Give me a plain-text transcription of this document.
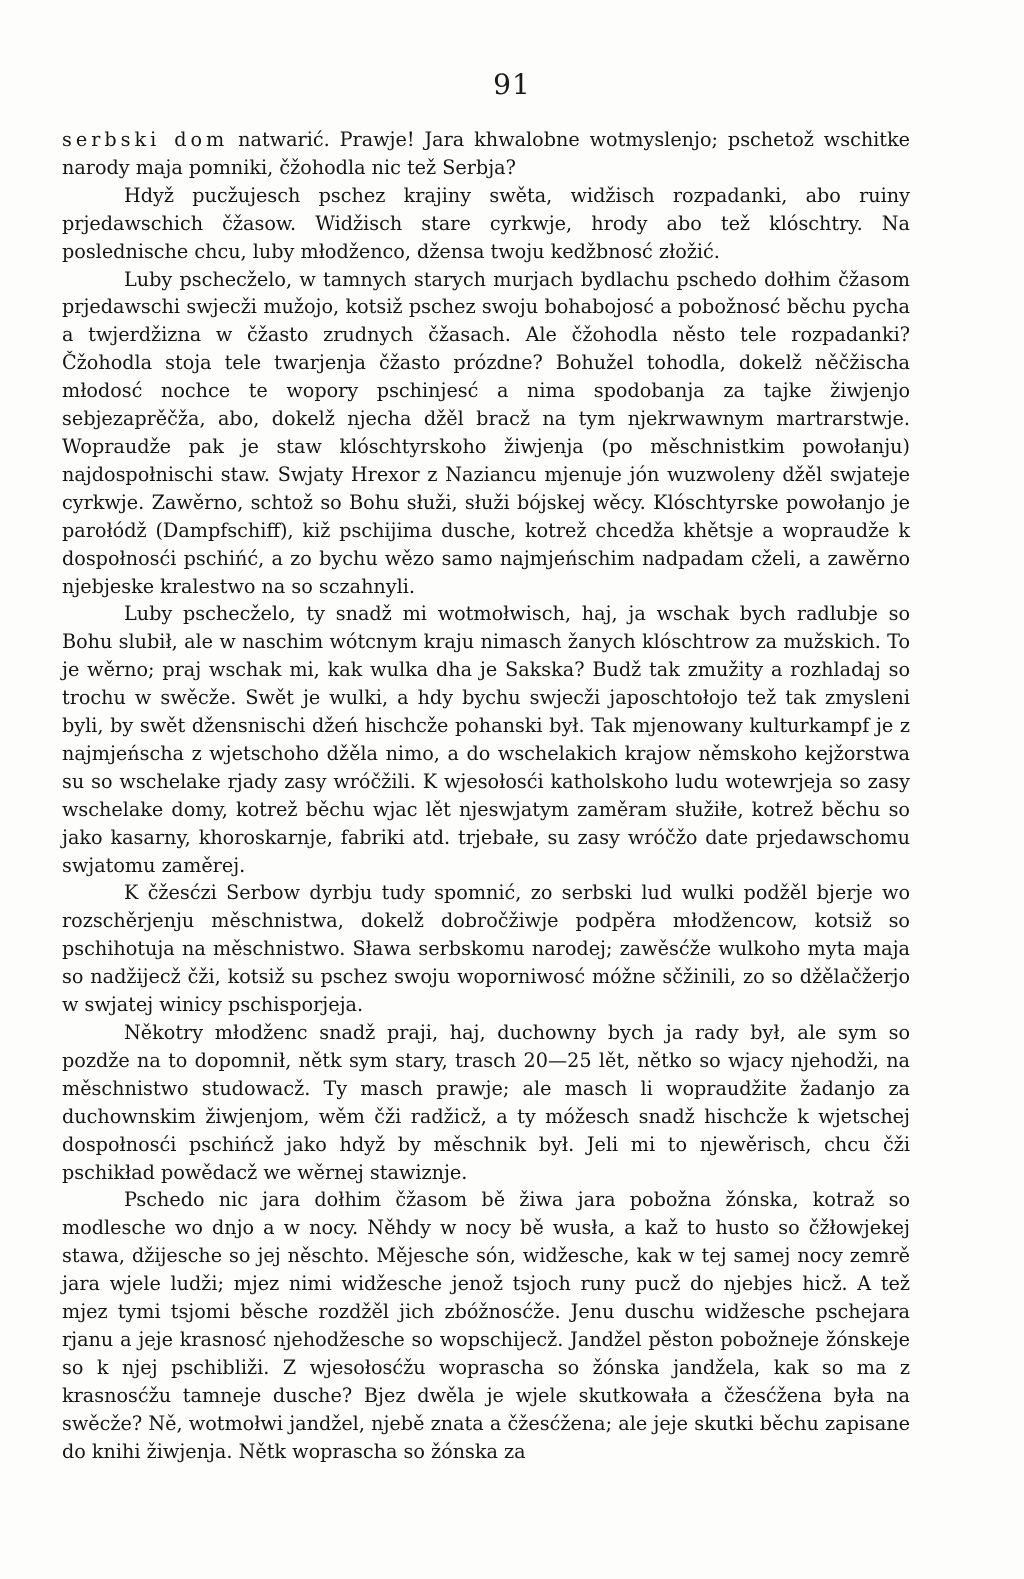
91

serbski dom natwarić. Prawje! Jara khwalobne wotmyslenjo; pschetož wschitke narody maja pomniki, čžohodla nic tež Serbja?

Hdyž pucžujesch pschez krajiny swěta, widžisch rozpadanki, abo ruiny prjedawschich čžasow. Widžisch stare cyrkwje, hrody abo tež klóschtry. Na poslednische chcu, luby młodžencо, džensa twoju kedžbnosć złožić.

Luby pschecželo, w tamnych starych murjach bydlachu pschedo dołhim čžasom prjedawschi swjecži mužojo, kotsiž pschez swoju bohabojosć a pobožnosć běchu pycha a twjerdžizna w čžasto zrudnych čžasach. Ale čžohodla něsto tele rozpadanki? Čžohodla stoja tele twarjenja čžasto prózdne? Bohužel tohodla, dokelž něčžischa młodosć nochce te wopory pschinjesć a nima spodobanja za tajke žiwjenjo sebjezaprěčža, abo, dokelž njecha džěl bracž na tym njekrwawnym martrarstwje. Wopraudže pak je staw klóschtyrskoho žiwjenja (po měschnistkim powołanju) najdospołnischi staw. Swjaty Hreхor z Naziancu mjenuje jón wuzwoleny džěl swjateje cyrkwje. Zawěrno, schtož so Bohu słuži, słuži bójskej wěcy. Klóschtyrske powołanjo je parołódž (Dampfschiff), kiž pschijima dusche, kotrež chcedža khětsje a wopraudže k dospołnosći pschińć, a zo bychu wězo samo najmjeńschim nadpadam cželi, a zawěrno njebjeske kralestwo na so sczahnyli.

Luby pschecželo, ty snadž mi wotmołwisch, haj, ja wschak bych radlubje so Bohu slubił, ale w naschim wótcnym kraju nimasch žanych klóschtrow za mužskich. To je wěrno; praj wschak mi, kak wulka dha je Sakska? Budž tak zmužity a rozhladaj so trochu w swěcže. Swět je wulki, a hdy bychu swjecži japoschtołojo tež tak zmysleni byli, by swět džensnischi džeń hischcže pohanski był. Tak mjenowany kulturkampf je z najmjeńscha z wjetschoho džěla nimo, a do wschelakich krajow němskoho kejžorstwa su so wschelake rjady zasy wróčžili. K wjesołosći katholskoho ludu wotewrjeja so zasy wschelake domy, kotrež běchu wjac lět njeswjatym zaměram słužiłe, kotrež běchu so jako kasarny, khoroskarnje, fabriki atd. trjebałe, su zasy wróčžo date prjedawschomu swjatomu zaměrej.

K čžesćzi Serbow dyrbju tudy spomnić, zo serbski lud wulki podžěl bjerje wo rozschěrjenju měschnistwa, dokelž dobročžiwje podpěra młodžencow, kotsiž so pschihotuja na měschnistwo. Sława serbskomu narodej; zawěsćže wulkoho myta maja so nadžijecž čži, kotsiž su pschez swoju wopornіwosć móžne sčžinili, zo so džělačžerjo w swjatej winicy pschisporjeja.

Někotry młodženc snadž praji, haj, duchowny bych ja rady był, ale sym so pozdže na to dopomnił, nětk sym stary, trasch 20—25 lět, nětko so wjacy njehodži, na měschnistwo studowacž. Ty masch prawje; ale masch li wopraudžite žadanjo za duchownskim žiwjenjom, wěm čži radžicž, a ty móžesch snadž hischcže k wjetschej dospołnosći pschińcž jako hdyž by měschnik był. Jeli mi to njewěrisch, chcu čži pschikład powědacž we wěrnej stawiznje.

Pschedo nic jara dołhim čžasom bě žiwa jara pobožna žónska, kotraž so modlesche wo dnjo a w nocy. Něhdy w nocy bě wusła, a kaž to husto so čžłowjekej stawa, džijesche so jej něschto. Mějesche són, widžesche, kak w tej samej nocy zemrě jara wjele ludži; mjez nimi widžesche jenož tsjoch runy pucž do njebjes hicž. A tež mjez tymi tsjomi běsche rozdžěl jich zbóžnosćže. Jenu duschu widžesche pschejara rjanu a jeje krasnosć njehodžesche so wopschijecž. Jandžel pěston pobožneje žónskeje so k njej pschibliži. Z wjesołosćžu wopraschа so žónska jandžela, kak so ma z krasnosćžu tamneje dusche? Bjez dwěla je wjele skutkowała a čžesćžena była na swěcže? Ně, wotmołwi jandžel, njebě znata a čžesćžena; ale jeje skutki běchu zapisane do knihi žiwjenja. Nětk wopraschа so žónska za
